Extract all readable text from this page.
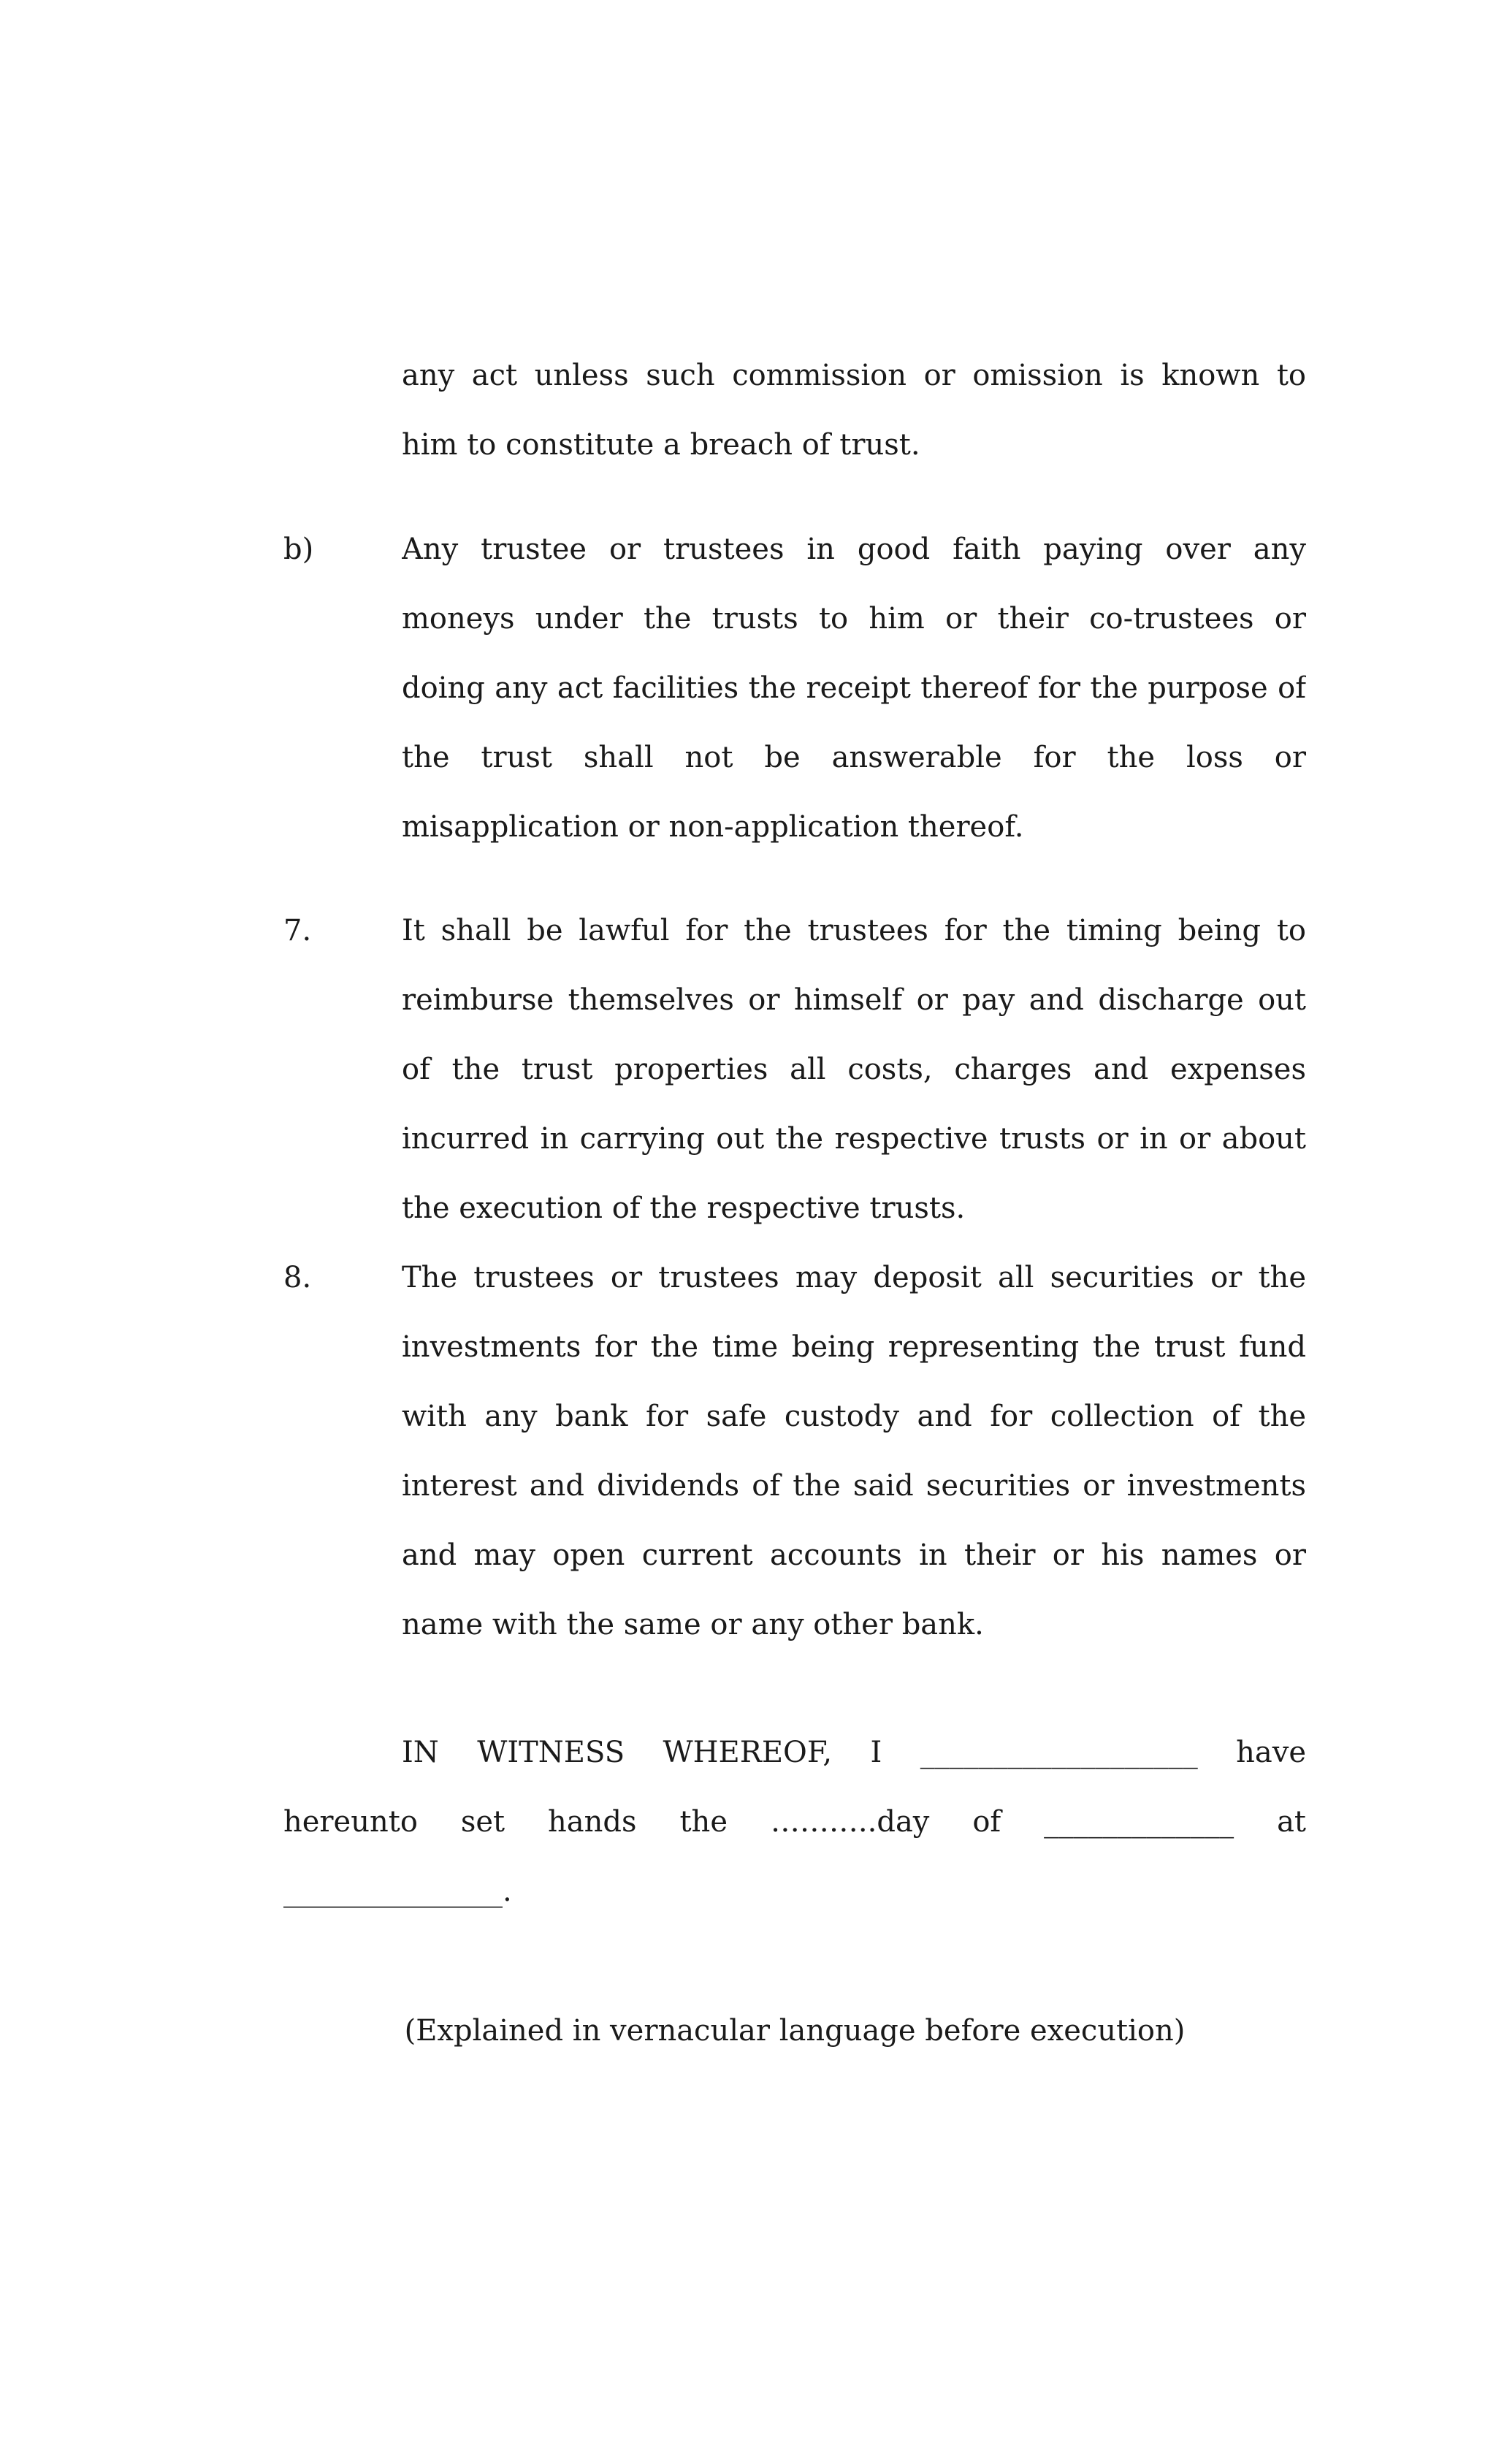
any act unless such commission or omission is known to
him to constitute a breach of trust.
b)	Any trustee or trustees in good faith paying over any
moneys under the trusts to him or their co-trustees or
doing any act facilities the receipt thereof for the purpose of
the trust shall not be answerable for the loss or
misapplication or non-application thereof.
7.	It shall be lawful for the trustees for the timing being to
reimburse themselves or himself or pay and discharge out
of the trust properties all costs, charges and expenses
incurred in carrying out the respective trusts or in or about
the execution of the respective trusts.
8.	The trustees or trustees may deposit all securities or the
investments for the time being representing the trust fund
with any bank for safe custody and for collection of the
interest and dividends of the said securities or investments
and may open current accounts in their or his names or
name with the same or any other bank.
IN WITNESS WHEREOF, I ___________________ have
hereunto set hands the ………..day of _____________ at
_______________.
(Explained in vernacular language before execution)
